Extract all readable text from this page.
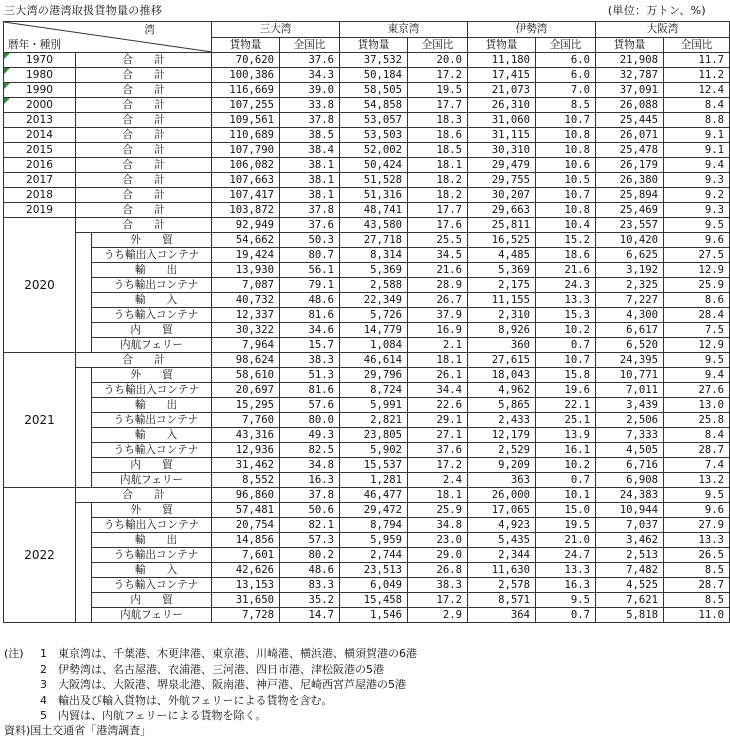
三大湾の港湾取扱貨物量の推移	(単位：万トン、%)
湾
暦年・種別			三大湾		東京湾		伊勢湾		大阪湾	
			貨物量	全国比	貨物量	全国比	貨物量	全国比	貨物量	全国比

1970	合　　計		70,620	37.6	37,532	20.0	11,180	6.0	21,908	11.7

1980	合　　計		100,386	34.3	50,184	17.2	17,415	6.0	32,787	11.2

1990	合　　計		116,669	39.0	58,505	19.5	21,073	7.0	37,091	12.4

2000	合　　計		107,255	33.8	54,858	17.7	26,310	8.5	26,088	8.4
2013	合　　計		109,561	37.8	53,057	18.3	31,060	10.7	25,445	8.8
2014	合　　計		110,689	38.5	53,503	18.6	31,115	10.8	26,071	9.1
2015	合　　計		107,790	38.4	52,002	18.5	30,310	10.8	25,478	9.1
2016	合　　計		106,082	38.1	50,424	18.1	29,479	10.6	26,179	9.4
2017	合　　計		107,663	38.1	51,528	18.2	29,755	10.5	26,380	9.3
2018	合　　計		107,417	38.1	51,316	18.2	30,207	10.7	25,894	9.2
2019	合　　計		103,872	37.8	48,741	17.7	29,663	10.8	25,469	9.3
2020	合　　計		92,949	37.6	43,580	17.6	25,811	10.4	23,557	9.5
		外　　貿	54,662	50.3	27,718	25.5	16,525	15.2	10,420	9.6
		うち輸出入コンテナ	19,424	80.7	8,314	34.5	4,485	18.6	6,625	27.5
		輸　　出	13,930	56.1	5,369	21.6	5,369	21.6	3,192	12.9
		うち輸出コンテナ	7,087	79.1	2,588	28.9	2,175	24.3	2,325	25.9
		輸　　入	40,732	48.6	22,349	26.7	11,155	13.3	7,227	8.6
		うち輸入コンテナ	12,337	81.6	5,726	37.9	2,310	15.3	4,300	28.4
		内　　貿	30,322	34.6	14,779	16.9	8,926	10.2	6,617	7.5
		内航フェリー	7,964	15.7	1,084	2.1	360	0.7	6,520	12.9
2021	合　　計		98,624	38.3	46,614	18.1	27,615	10.7	24,395	9.5
		外　　貿	58,610	51.3	29,796	26.1	18,043	15.8	10,771	9.4
		うち輸出入コンテナ	20,697	81.6	8,724	34.4	4,962	19.6	7,011	27.6
		輸　　出	15,295	57.6	5,991	22.6	5,865	22.1	3,439	13.0
		うち輸出コンテナ	7,760	80.0	2,821	29.1	2,433	25.1	2,506	25.8
		輸　　入	43,316	49.3	23,805	27.1	12,179	13.9	7,333	8.4
		うち輸入コンテナ	12,936	82.5	5,902	37.6	2,529	16.1	4,505	28.7
		内　　貿	31,462	34.8	15,537	17.2	9,209	10.2	6,716	7.4
		内航フェリー	8,552	16.3	1,281	2.4	363	0.7	6,908	13.2
2022	合　　計		96,860	37.8	46,477	18.1	26,000	10.1	24,383	9.5
		外　　貿	57,481	50.6	29,472	25.9	17,065	15.0	10,944	9.6
		うち輸出入コンテナ	20,754	82.1	8,794	34.8	4,923	19.5	7,037	27.9
		輸　　出	14,856	57.3	5,959	23.0	5,435	21.0	3,462	13.3
		うち輸出コンテナ	7,601	80.2	2,744	29.0	2,344	24.7	2,513	26.5
		輸　　入	42,626	48.6	23,513	26.8	11,630	13.3	7,482	8.5
		うち輸入コンテナ	13,153	83.3	6,049	38.3	2,578	16.3	4,525	28.7
		内　　貿	31,650	35.2	15,458	17.2	8,571	9.5	7,621	8.5
		内航フェリー	7,728	14.7	1,546	2.9	364	0.7	5,818	11.0
(注) 1 東京湾は、千葉港、木更津港、東京港、川崎港、横浜港、横須賀港の6港
2 伊勢湾は、名古屋港、衣浦港、三河港、四日市港、津松阪港の5港
3 大阪湾は、大阪港、堺泉北港、阪南港、神戸港、尼崎西宮芦屋港の5港
4 輸出及び輸入貨物は、外航フェリーによる貨物を含む。
5 内貿は、内航フェリーによる貨物を除く。
資料)国土交通省「港湾調査」
